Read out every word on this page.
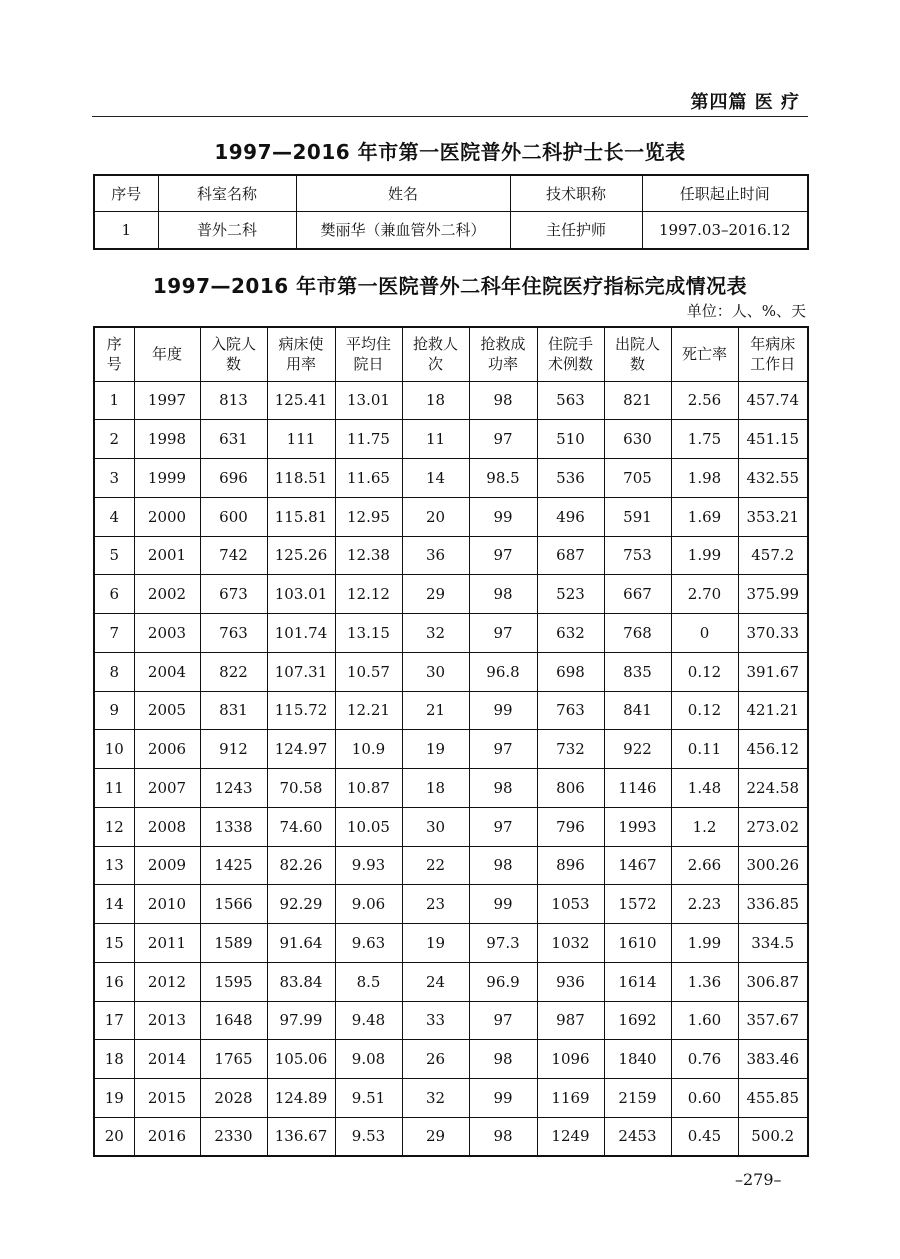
第四篇 医 疗
1997—2016 年市第一医院普外二科护士长一览表
序号	科室名称	姓名	技术职称	任职起止时间
1	普外二科	樊丽华（兼血管外二科）	主任护师	1997.03–2016.12
1997—2016 年市第一医院普外二科年住院医疗指标完成情况表
单位：人、%、天
序号	年度	入院人数	病床使用率	平均住院日	抢救人次	抢救成功率	住院手术例数	出院人数	死亡率	年病床工作日
1	1997	813	125.41	13.01	18	98	563	821	2.56	457.74
2	1998	631	111	11.75	11	97	510	630	1.75	451.15
3	1999	696	118.51	11.65	14	98.5	536	705	1.98	432.55
4	2000	600	115.81	12.95	20	99	496	591	1.69	353.21
5	2001	742	125.26	12.38	36	97	687	753	1.99	457.2
6	2002	673	103.01	12.12	29	98	523	667	2.70	375.99
7	2003	763	101.74	13.15	32	97	632	768	0	370.33
8	2004	822	107.31	10.57	30	96.8	698	835	0.12	391.67
9	2005	831	115.72	12.21	21	99	763	841	0.12	421.21
10	2006	912	124.97	10.9	19	97	732	922	0.11	456.12
11	2007	1243	70.58	10.87	18	98	806	1146	1.48	224.58
12	2008	1338	74.60	10.05	30	97	796	1993	1.2	273.02
13	2009	1425	82.26	9.93	22	98	896	1467	2.66	300.26
14	2010	1566	92.29	9.06	23	99	1053	1572	2.23	336.85
15	2011	1589	91.64	9.63	19	97.3	1032	1610	1.99	334.5
16	2012	1595	83.84	8.5	24	96.9	936	1614	1.36	306.87
17	2013	1648	97.99	9.48	33	97	987	1692	1.60	357.67
18	2014	1765	105.06	9.08	26	98	1096	1840	0.76	383.46
19	2015	2028	124.89	9.51	32	99	1169	2159	0.60	455.85
20	2016	2330	136.67	9.53	29	98	1249	2453	0.45	500.2
–279–
